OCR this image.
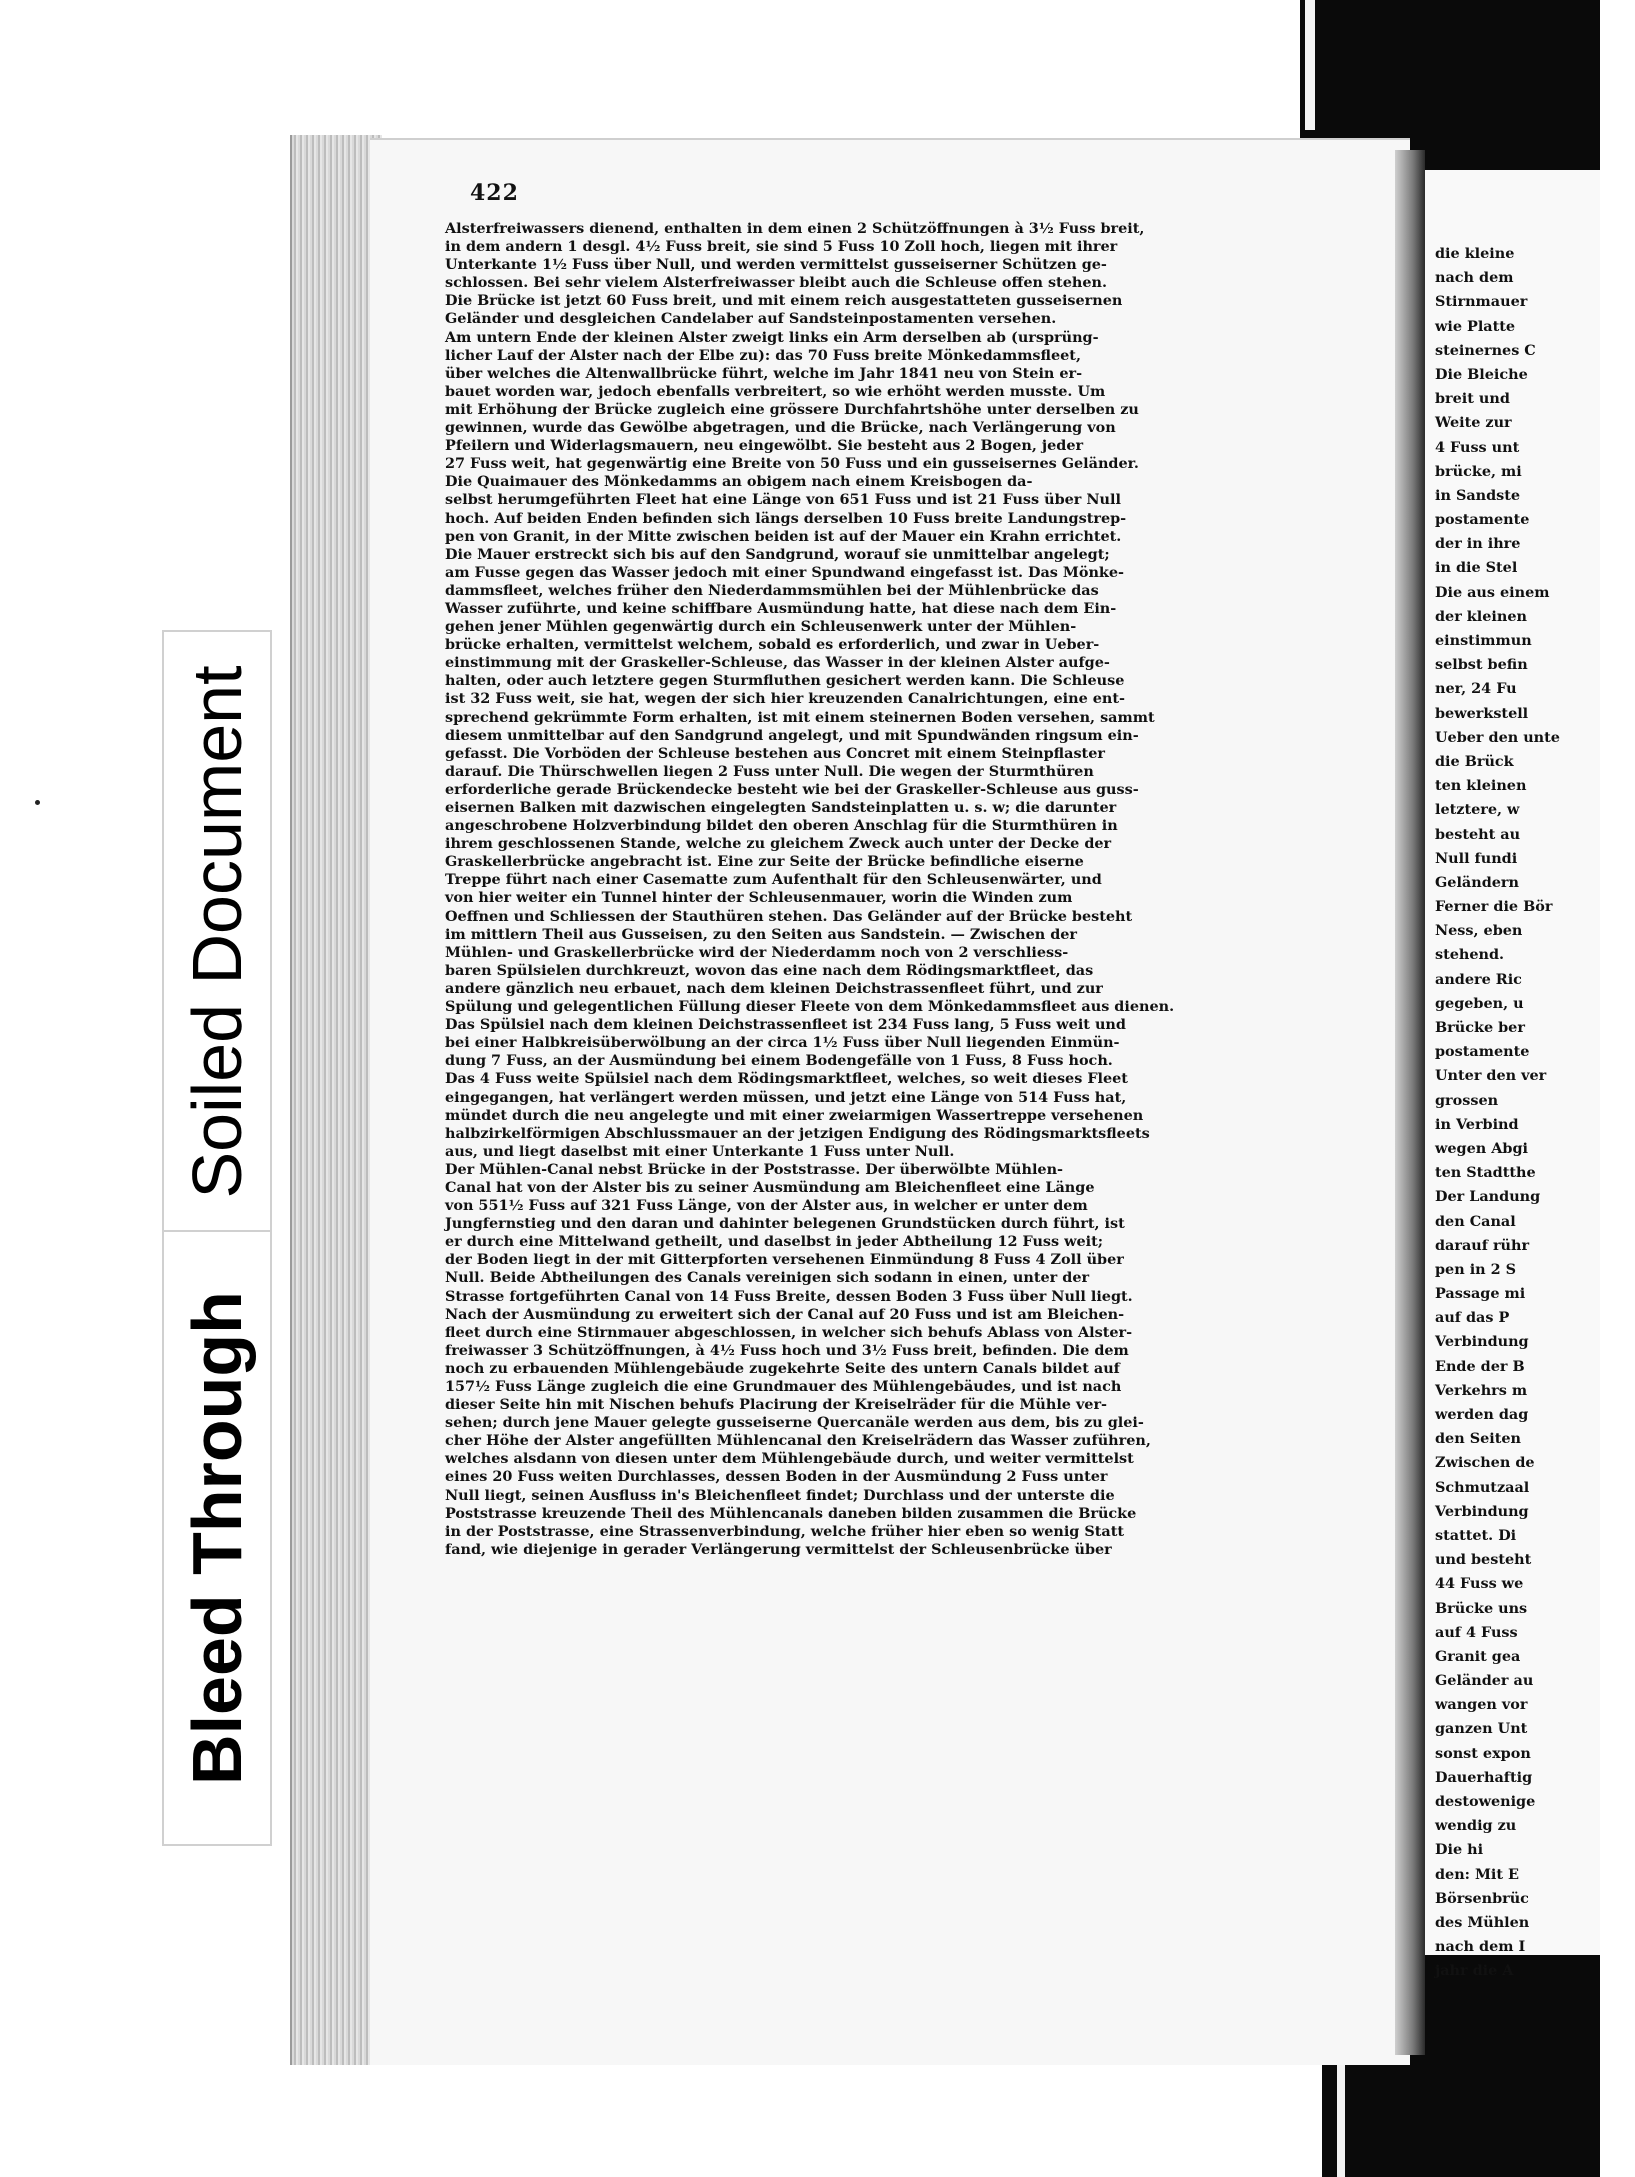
Soiled Document
Bleed Through
422
Alsterfreiwassers dienend, enthalten in dem einen 2 Schützöffnungen à 3½ Fuss breit,
in dem andern 1 desgl. 4½ Fuss breit, sie sind 5 Fuss 10 Zoll hoch, liegen mit ihrer
Unterkante 1½ Fuss über Null, und werden vermittelst gusseiserner Schützen ge-
schlossen. Bei sehr vielem Alsterfreiwasser bleibt auch die Schleuse offen stehen.
Die Brücke ist jetzt 60 Fuss breit, und mit einem reich ausgestatteten gusseisernen
Geländer und desgleichen Candelaber auf Sandsteinpostamenten versehen.
Am untern Ende der kleinen Alster zweigt links ein Arm derselben ab (ursprüng-
licher Lauf der Alster nach der Elbe zu): das 70 Fuss breite Mönkedammsfleet,
über welches die Altenwallbrücke führt, welche im Jahr 1841 neu von Stein er-
bauet worden war, jedoch ebenfalls verbreitert, so wie erhöht werden musste. Um
mit Erhöhung der Brücke zugleich eine grössere Durchfahrtshöhe unter derselben zu
gewinnen, wurde das Gewölbe abgetragen, und die Brücke, nach Verlängerung von
Pfeilern und Widerlagsmauern, neu eingewölbt. Sie besteht aus 2 Bogen, jeder
27 Fuss weit, hat gegenwärtig eine Breite von 50 Fuss und ein gusseisernes Geländer.
Die Quaimauer des Mönkedamms an obigem nach einem Kreisbogen da-
selbst herumgeführten Fleet hat eine Länge von 651 Fuss und ist 21 Fuss über Null
hoch. Auf beiden Enden befinden sich längs derselben 10 Fuss breite Landungstrep-
pen von Granit, in der Mitte zwischen beiden ist auf der Mauer ein Krahn errichtet.
Die Mauer erstreckt sich bis auf den Sandgrund, worauf sie unmittelbar angelegt;
am Fusse gegen das Wasser jedoch mit einer Spundwand eingefasst ist. Das Mönke-
dammsfleet, welches früher den Niederdammsmühlen bei der Mühlenbrücke das
Wasser zuführte, und keine schiffbare Ausmündung hatte, hat diese nach dem Ein-
gehen jener Mühlen gegenwärtig durch ein Schleusenwerk unter der Mühlen-
brücke erhalten, vermittelst welchem, sobald es erforderlich, und zwar in Ueber-
einstimmung mit der Graskeller-Schleuse, das Wasser in der kleinen Alster aufge-
halten, oder auch letztere gegen Sturmfluthen gesichert werden kann. Die Schleuse
ist 32 Fuss weit, sie hat, wegen der sich hier kreuzenden Canalrichtungen, eine ent-
sprechend gekrümmte Form erhalten, ist mit einem steinernen Boden versehen, sammt
diesem unmittelbar auf den Sandgrund angelegt, und mit Spundwänden ringsum ein-
gefasst. Die Vorböden der Schleuse bestehen aus Concret mit einem Steinpflaster
darauf. Die Thürschwellen liegen 2 Fuss unter Null. Die wegen der Sturmthüren
erforderliche gerade Brückendecke besteht wie bei der Graskeller-Schleuse aus guss-
eisernen Balken mit dazwischen eingelegten Sandsteinplatten u. s. w; die darunter
angeschrobene Holzverbindung bildet den oberen Anschlag für die Sturmthüren in
ihrem geschlossenen Stande, welche zu gleichem Zweck auch unter der Decke der
Graskellerbrücke angebracht ist. Eine zur Seite der Brücke befindliche eiserne
Treppe führt nach einer Casematte zum Aufenthalt für den Schleusenwärter, und
von hier weiter ein Tunnel hinter der Schleusenmauer, worin die Winden zum
Oeffnen und Schliessen der Stauthüren stehen. Das Geländer auf der Brücke besteht
im mittlern Theil aus Gusseisen, zu den Seiten aus Sandstein. — Zwischen der
Mühlen- und Graskellerbrücke wird der Niederdamm noch von 2 verschliess-
baren Spülsielen durchkreuzt, wovon das eine nach dem Rödingsmarktfleet, das
andere gänzlich neu erbauet, nach dem kleinen Deichstrassenfleet führt, und zur
Spülung und gelegentlichen Füllung dieser Fleete von dem Mönkedammsfleet aus dienen.
Das Spülsiel nach dem kleinen Deichstrassenfleet ist 234 Fuss lang, 5 Fuss weit und
bei einer Halbkreisüberwölbung an der circa 1½ Fuss über Null liegenden Einmün-
dung 7 Fuss, an der Ausmündung bei einem Bodengefälle von 1 Fuss, 8 Fuss hoch.
Das 4 Fuss weite Spülsiel nach dem Rödingsmarktfleet, welches, so weit dieses Fleet
eingegangen, hat verlängert werden müssen, und jetzt eine Länge von 514 Fuss hat,
mündet durch die neu angelegte und mit einer zweiarmigen Wassertreppe versehenen
halbzirkelförmigen Abschlussmauer an der jetzigen Endigung des Rödingsmarktsfleets
aus, und liegt daselbst mit einer Unterkante 1 Fuss unter Null.
Der Mühlen-Canal nebst Brücke in der Poststrasse. Der überwölbte Mühlen-
Canal hat von der Alster bis zu seiner Ausmündung am Bleichenfleet eine Länge
von 551½ Fuss auf 321 Fuss Länge, von der Alster aus, in welcher er unter dem
Jungfernstieg und den daran und dahinter belegenen Grundstücken durch führt, ist
er durch eine Mittelwand getheilt, und daselbst in jeder Abtheilung 12 Fuss weit;
der Boden liegt in der mit Gitterpforten versehenen Einmündung 8 Fuss 4 Zoll über
Null. Beide Abtheilungen des Canals vereinigen sich sodann in einen, unter der
Strasse fortgeführten Canal von 14 Fuss Breite, dessen Boden 3 Fuss über Null liegt.
Nach der Ausmündung zu erweitert sich der Canal auf 20 Fuss und ist am Bleichen-
fleet durch eine Stirnmauer abgeschlossen, in welcher sich behufs Ablass von Alster-
freiwasser 3 Schützöffnungen, à 4½ Fuss hoch und 3½ Fuss breit, befinden. Die dem
noch zu erbauenden Mühlengebäude zugekehrte Seite des untern Canals bildet auf
157½ Fuss Länge zugleich die eine Grundmauer des Mühlengebäudes, und ist nach
dieser Seite hin mit Nischen behufs Placirung der Kreiselräder für die Mühle ver-
sehen; durch jene Mauer gelegte gusseiserne Quercanäle werden aus dem, bis zu glei-
cher Höhe der Alster angefüllten Mühlencanal den Kreiselrädern das Wasser zuführen,
welches alsdann von diesen unter dem Mühlengebäude durch, und weiter vermittelst
eines 20 Fuss weiten Durchlasses, dessen Boden in der Ausmündung 2 Fuss unter
Null liegt, seinen Ausfluss in's Bleichenfleet findet; Durchlass und der unterste die
Poststrasse kreuzende Theil des Mühlencanals daneben bilden zusammen die Brücke
in der Poststrasse, eine Strassenverbindung, welche früher hier eben so wenig Statt
fand, wie diejenige in gerader Verlängerung vermittelst der Schleusenbrücke über
die kleine
nach dem
Stirnmauer
wie Platte
steinernes C
Die Bleiche
breit und
Weite zur
4 Fuss unt
brücke, mi
in Sandste
postamente
der in ihre
in die Stel
Die aus einem
der kleinen
einstimmun
selbst befin
ner, 24 Fu
bewerkstell
Ueber den unte
die Brück
ten kleinen
letztere, w
besteht au
Null fundi
Geländern
Ferner die Bör
Ness, eben
stehend.
andere Ric
gegeben, u
Brücke ber
postamente
Unter den ver
grossen
in Verbind
wegen Abgi
ten Stadtthe
Der Landung
den Canal
darauf rühr
pen in 2 S
Passage mi
auf das P
Verbindung
Ende der B
Verkehrs m
werden dag
den Seiten
Zwischen de
Schmutzaal
Verbindung
stattet. Di
und besteht
44 Fuss we
Brücke uns
auf 4 Fuss
Granit gea
Geländer au
wangen vor
ganzen Unt
sonst expon
Dauerhaftig
destowenige
wendig zu
Die hi
den: Mit E
Börsenbrüc
des Mühlen
nach dem I
jahr die A
